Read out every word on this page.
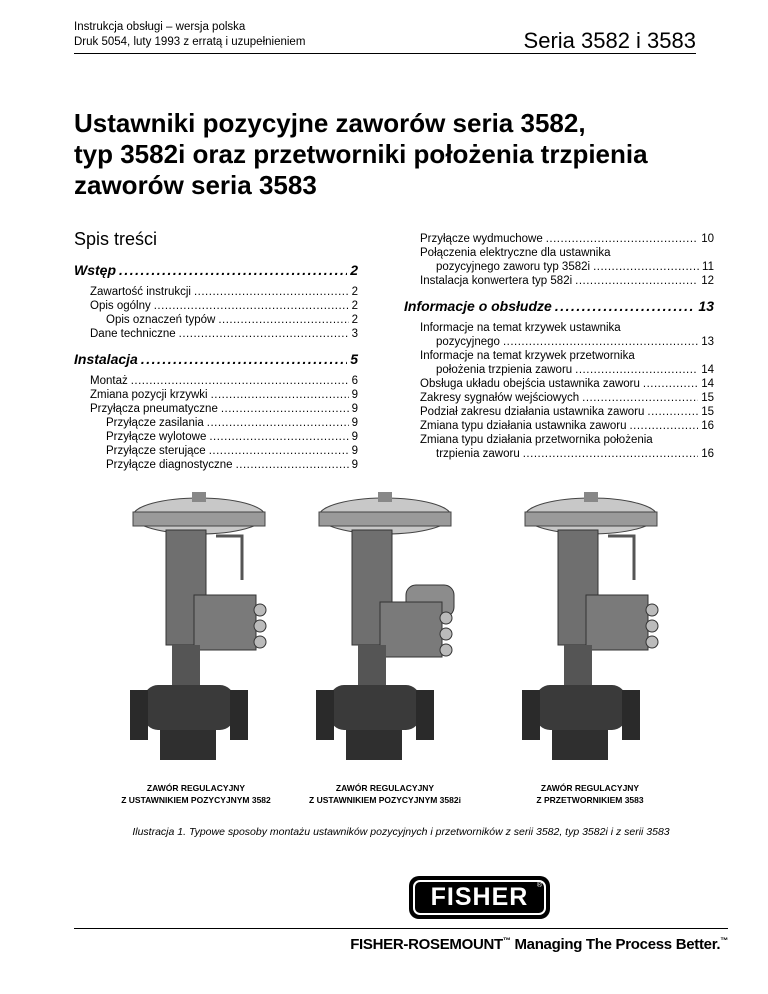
Instrukcja obsługi – wersja polska
Druk 5054, luty 1993 z erratą i uzupełnieniem	Seria 3582 i 3583
Ustawniki pozycyjne zaworów seria 3582,
typ 3582i oraz przetworniki położenia trzpienia
zaworów seria 3583
Spis treści
Wstęp .....	2
Zawartość instrukcji .....	2
Opis ogólny .....	2
Opis oznaczeń typów .....	2
Dane techniczne .....	3
Instalacja .....	5
Montaż .....	6
Zmiana pozycji krzywki .....	9
Przyłącza pneumatyczne .....	9
Przyłącze zasilania .....	9
Przyłącze wylotowe .....	9
Przyłącze sterujące .....	9
Przyłącze diagnostyczne .....	9
Przyłącze wydmuchowe .....	10
Połączenia elektryczne dla ustawnika
pozycyjnego zaworu typ 3582i .....	11
Instalacja konwertera typ 582i .....	12
Informacje o obsłudze .....	13
Informacje na temat krzywek ustawnika
pozycyjnego .....	13
Informacje na temat krzywek przetwornika
położenia trzpienia zaworu .....	14
Obsługa układu obejścia ustawnika zaworu .....	14
Zakresy sygnałów wejściowych .....	15
Podział zakresu działania ustawnika zaworu .....	15
Zmiana typu działania ustawnika zaworu .....	16
Zmiana typu działania przetwornika położenia
trzpienia zaworu .....	16
ZAWÓR REGULACYJNY
Z USTAWNIKIEM POZYCYJNYM 3582
ZAWÓR REGULACYJNY
Z USTAWNIKIEM POZYCYJNYM 3582i
ZAWÓR REGULACYJNY
Z PRZETWORNIKIEM 3583
Ilustracja 1. Typowe sposoby montażu ustawników pozycyjnych i przetworników z serii 3582, typ 3582i i z serii 3583
FISHER	®
FISHER-ROSEMOUNT™ Managing The Process Better.™
